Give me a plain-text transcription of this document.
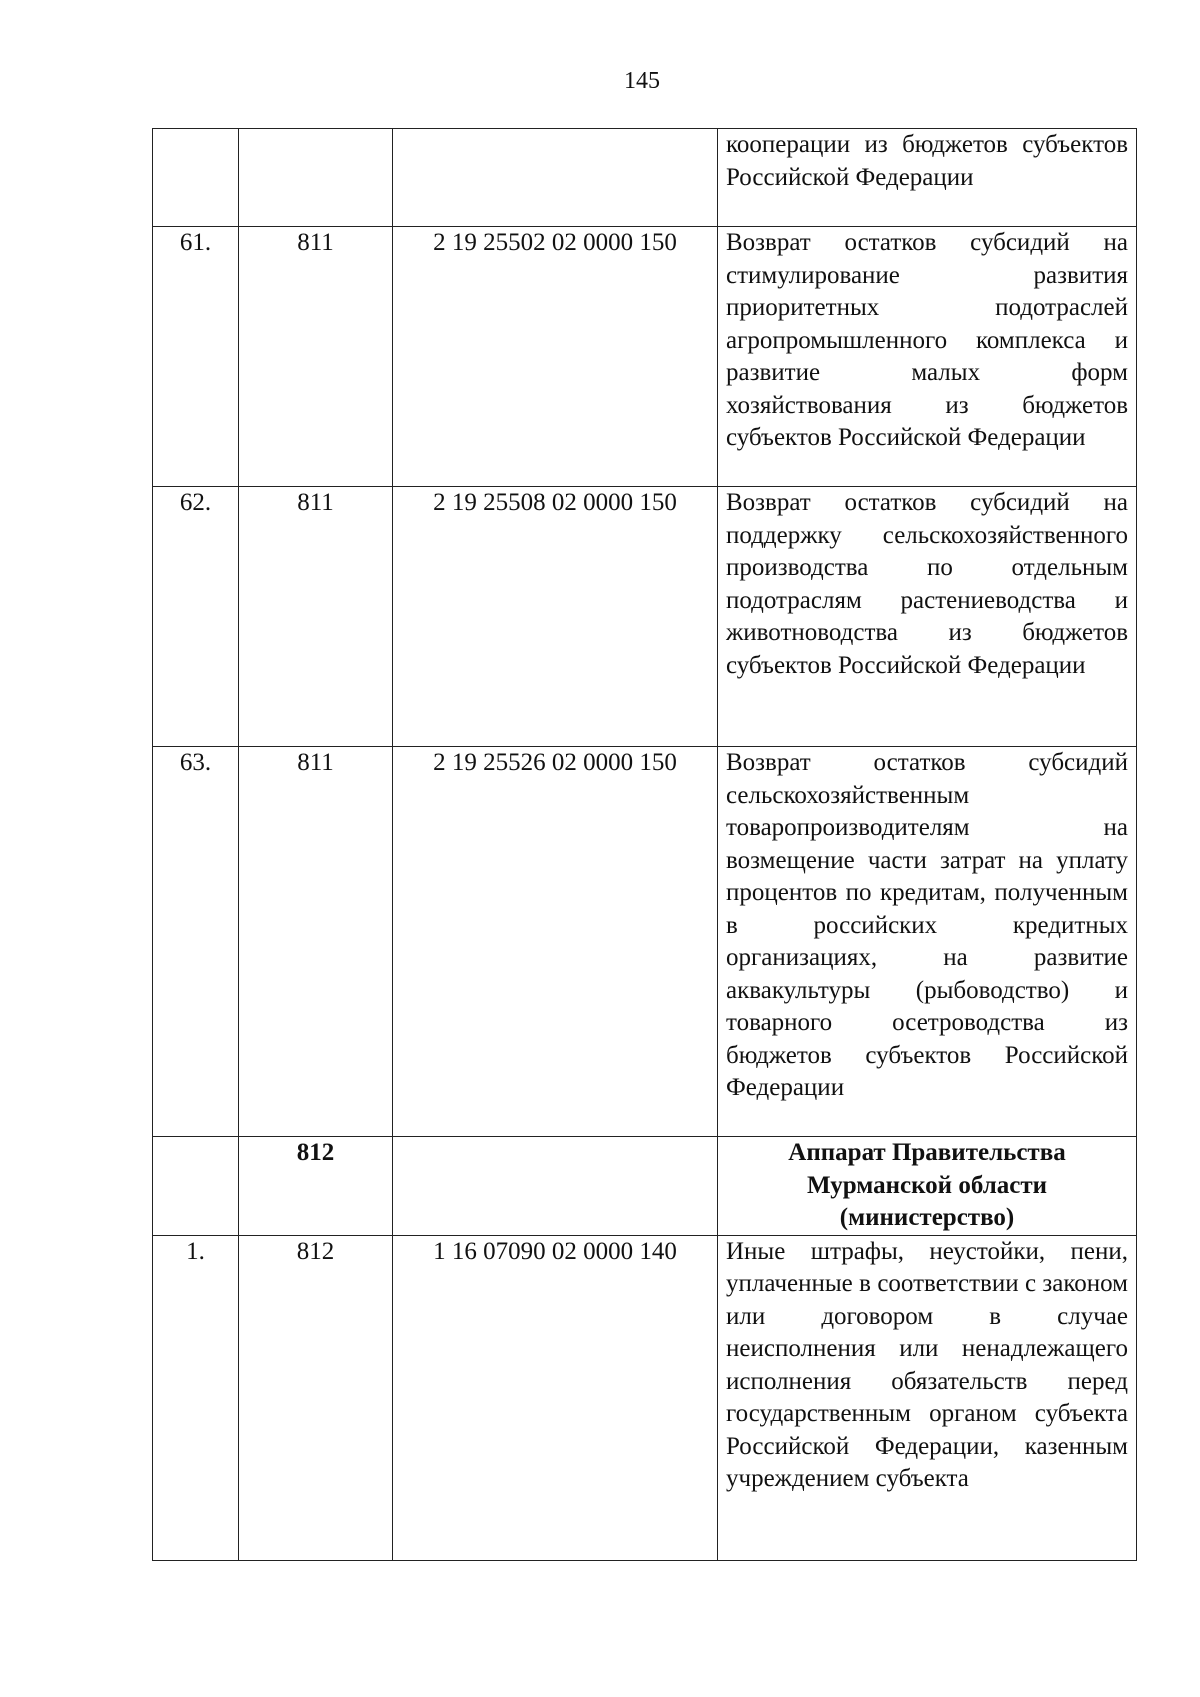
145
			кооперации из бюджетов субъектов Российской Федерации
61.	811	2 19 25502 02 0000 150	Возврат остатков субсидий на стимулирование развития приоритетных подотраслей агропромышленного комплекса и развитие малых форм хозяйствования из бюджетов субъектов Российской Федерации
62.	811	2 19 25508 02 0000 150	Возврат остатков субсидий на поддержку сельскохозяйственного производства по отдельным подотраслям растениеводства и животноводства из бюджетов субъектов Российской Федерации
63.	811	2 19 25526 02 0000 150	Возврат остатков субсидий сельскохозяйственным товаропроизводителям на возмещение части затрат на уплату процентов по кредитам, полученным в российских кредитных организациях, на развитие аквакультуры (рыбоводство) и товарного осетроводства из бюджетов субъектов Российской Федерации
	812		Аппарат Правительства Мурманской области (министерство)
1.	812	1 16 07090 02 0000 140	Иные штрафы, неустойки, пени, уплаченные в соответствии с законом или договором в случае неисполнения или ненадлежащего исполнения обязательств перед государственным органом субъекта Российской Федерации, казенным учреждением субъекта
